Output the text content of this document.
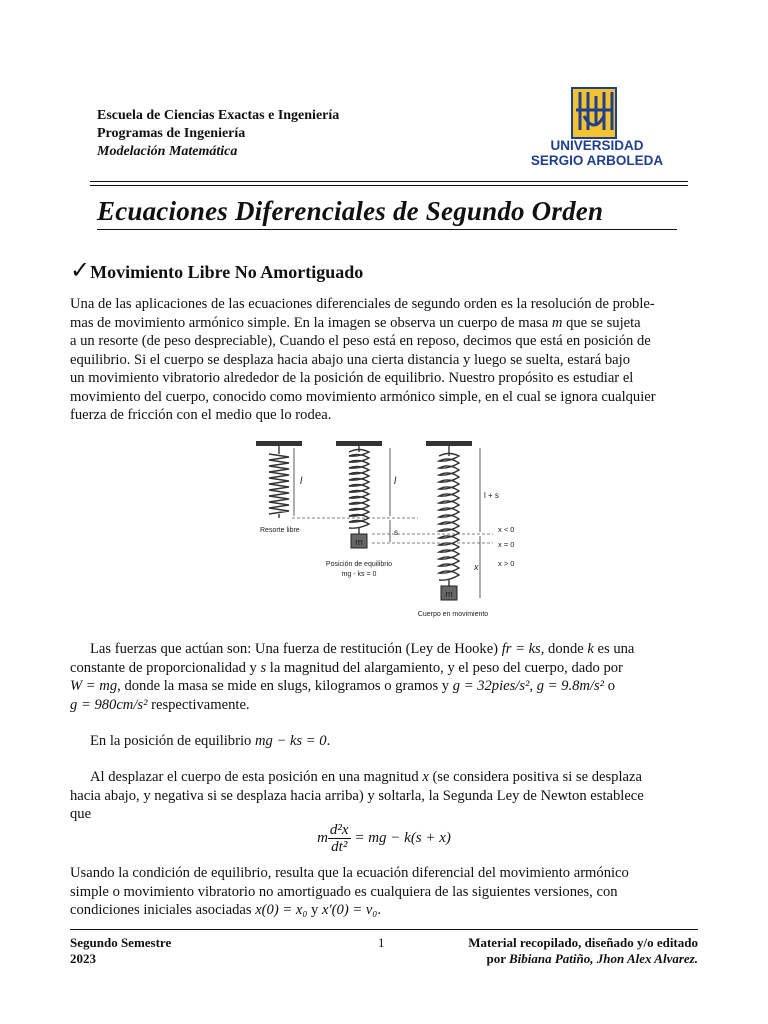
Escuela de Ciencias Exactas e Ingeniería
Programas de Ingeniería
Modelación Matemática	UNIVERSIDAD
SERGIO ARBOLEDA
Ecuaciones Diferenciales de Segundo Orden
✓Movimiento Libre No Amortiguado
Una de las aplicaciones de las ecuaciones diferenciales de segundo orden es la resolución de proble-
mas de movimiento armónico simple. En la imagen se observa un cuerpo de masa m que se sujeta
a un resorte (de peso despreciable), Cuando el peso está en reposo, decimos que está en posición de
equilibrio. Si el cuerpo se desplaza hacia abajo una cierta distancia y luego se suelta, estará bajo
un movimiento vibratorio alrededor de la posición de equilibrio. Nuestro propósito es estudiar el
movimiento del cuerpo, conocido como movimiento armónico simple, en el cual se ignora cualquier
fuerza de fricción con el medio que lo rodea.
m
m
l	l
l + s
s
x
x < 0
x = 0
x > 0
Resorte libre
Posición de equilibrio
mg - ks = 0
Cuerpo en movimiento
Las fuerzas que actúan son: Una fuerza de restitución (Ley de Hooke) fr = ks, donde k es una
constante de proporcionalidad y s la magnitud del alargamiento, y el peso del cuerpo, dado por
W = mg, donde la masa se mide en slugs, kilogramos o gramos y g = 32pies/s², g = 9.8m/s² o
g = 980cm/s² respectivamente.
En la posición de equilibrio mg − ks = 0.
Al desplazar el cuerpo de esta posición en una magnitud x (se considera positiva si se desplaza
hacia abajo, y negativa si se desplaza hacia arriba) y soltarla, la Segunda Ley de Newton establece
que
m $\frac{\text{d²x}}{\text{dt²}}$ = mg − k(s + x)
Usando la condición de equilibrio, resulta que la ecuación diferencial del movimiento armónico
simple o movimiento vibratorio no amortiguado es cualquiera de las siguientes versiones, con
condiciones iniciales asociadas x(0) = x₀ y x′(0) = v₀.
Segundo Semestre
2023
1	Material recopilado, diseñado y/o editado
por Bibiana Patiño, Jhon Alex Alvarez.
